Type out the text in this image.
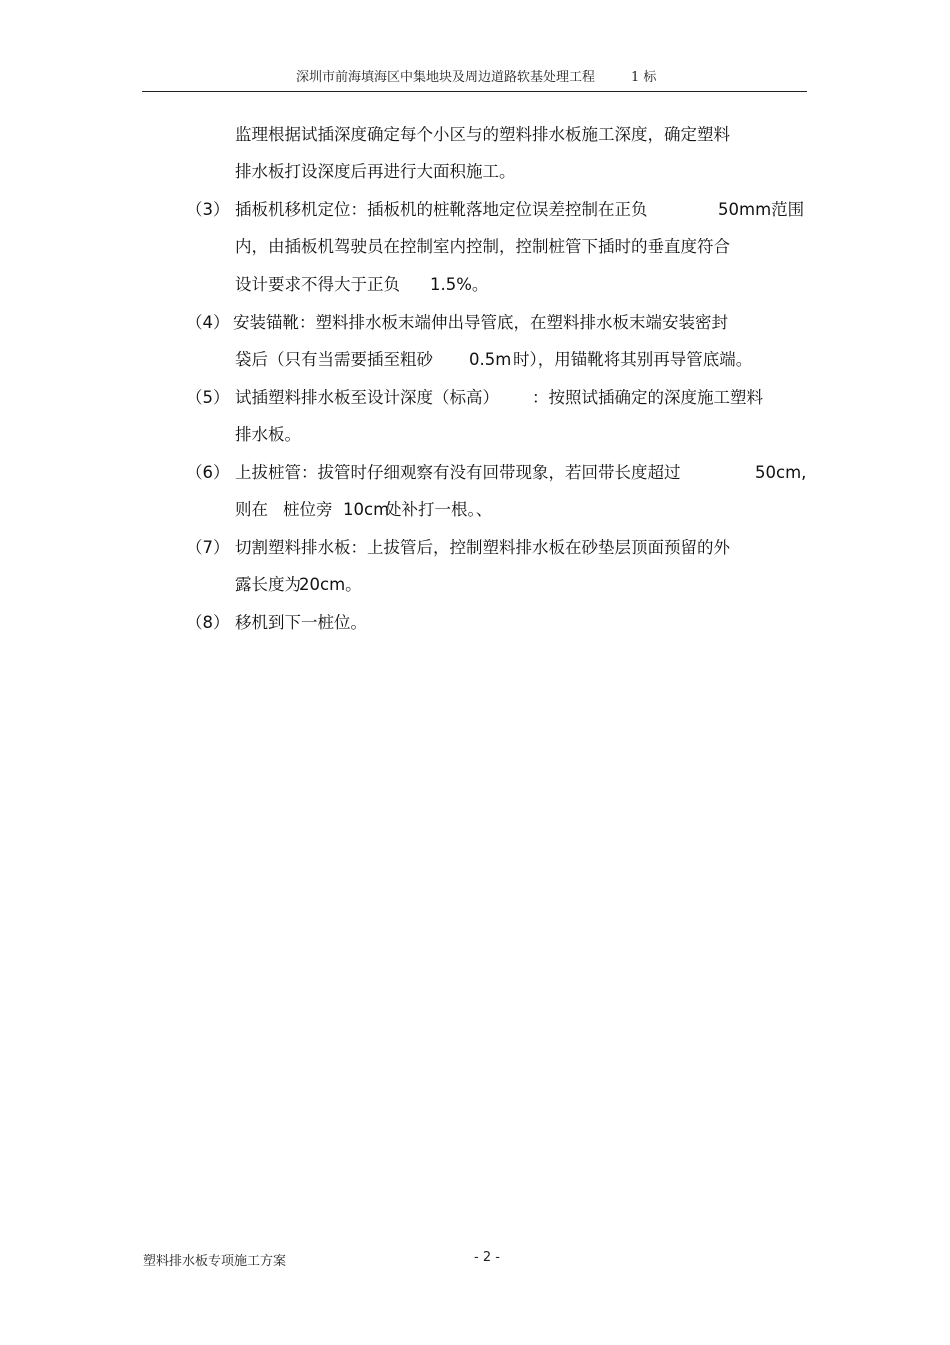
深圳市前海填海区中集地块及周边道路软基处理工程	1 标
监理根据试插深度确定每个小区与的塑料排水板施工深度，确定塑料
排水板打设深度后再进行大面积施工。
（3） 插板机移机定位：插板机的桩靴落地定位误差控制在正负	50mm范围
内，由插板机驾驶员在控制室内控制，控制桩管下插时的垂直度符合
设计要求不得大于正负 1.5%。
（4） 安装锚靴：塑料排水板末端伸出导管底，在塑料排水板末端安装密封
袋后（只有当需要插至粗砂 0.5m 时），用锚靴将其别再导管底端。
（5） 试插塑料排水板至设计深度（标高） ：按照试插确定的深度施工塑料
排水板。
（6） 上拔桩管：拔管时仔细观察有没有回带现象，若回带长度超过	50cm,
则在 桩位旁 10cm
处补打一根。、
（7） 切割塑料排水板：上拔管后，控制塑料排水板在砂垫层顶面预留的外
露长度为
20cm。
（8） 移机到下一桩位。
塑料排水板专项施工方案	- 2 -
